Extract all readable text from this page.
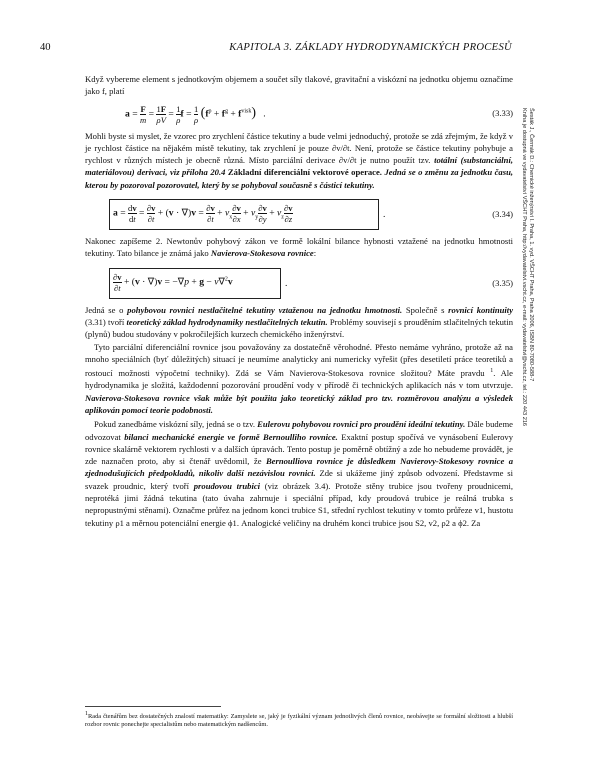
40	KAPITOLA 3. ZÁKLADY HYDRODYNAMICKÝCH PROCESŮ

Když vybereme element s jednotkovým objemem a součet síly tlakové, gravitační a viskózní na jednotku objemu označíme jako f, platí

$a = \frac{F}{m} = \frac{1}{\rho} \frac{F}{V} = \frac{1}{\rho}$ $f = \frac{1}{\rho} (f^p + f^g + f^{visk})$   .	(3.33)

Mohli byste si myslet, že vzorec pro zrychlení částice tekutiny a bude velmi jednoduchý, protože se zdá zřejmým, že když v je rychlost částice na nějakém místě tekutiny, tak zrychlení je pouze ∂v/∂t. Není, protože se částice tekutiny pohybuje a rychlost v různých místech je obecně různá. Místo parciální derivace ∂v/∂t je nutno použít tzv. totální (substanciální, materiálovou) derivaci, viz příloha 20.4 Základní diferenciální vektorové operace. Jedná se o změnu za jednotku času, kterou by pozoroval pozorovatel, který by se pohyboval současně s částicí tekutiny.

$a = \frac{dv}{dt} = \frac{\partial v}{\partial t} + (v \cdot \nabla)v = \frac{\partial v}{\partial t} + v_x \frac{\partial v}{\partial x} + v_y \frac{\partial v}{\partial y} + v_z \frac{\partial v}{\partial z}$	.	(3.34)

Nakonec zapíšeme 2. Newtonův pohybový zákon ve formě lokální bilance hybnosti vztažené na jednotku hmotnosti tekutiny. Tato bilance je známá jako Navierova-Stokesova rovnice:

$\frac{\partial v}{\partial t} + (v \cdot \nabla)v = -\nabla p + g - \nu\nabla^2v$	.	(3.35)

Jedná se o pohybovou rovnici nestlačitelné tekutiny vztaženou na jednotku hmotnosti. Společně s rovnicí kontinuity (3.31) tvoří teoretický základ hydrodynamiky nestlačitelných tekutin. Problémy souvisejí s prouděním stlačitelných tekutin (plynů) budou studovány v pokročilejších kurzech chemického inženýrství.

Tyto parciální diferenciální rovnice jsou považovány za dostatečně věrohodné. Přesto nemáme vyhráno, protože až na mnoho speciálních (byť důležitých) situací je neumíme analyticky ani numericky vyřešit (přes desetiletí práce teoretiků a rostoucí možnosti výpočetní techniky). Zdá se Vám Navierova-Stokesova rovnice složitou? Máte pravdu $^1$. Ale hydrodynamika je složitá, každodenní pozorování proudění vody v přírodě či technických aplikacích nás v tom utvrzuje. Navierova-Stokesova rovnice však může být použita jako teoretický základ pro tzv. rozměrovou analýzu a výsledek aplikován pomocí teorie podobnosti.

Pokud zanedbáme viskózní síly, jedná se o tzv. Eulerovu pohybovou rovnici pro proudění ideální tekutiny. Dále budeme odvozovat bilanci mechanické energie ve formě Bernoulliho rovnice. Exaktní postup spočívá ve vynásobení Eulerovy rovnice skalárně vektorem rychlosti v a dalších úpravách. Tento postup je poměrně obtížný a zde ho nebudeme provádět, je zde naznačen proto, aby si čtenář uvědomil, že Bernoulliova rovnice je důsledkem Navierovy-Stokesovy rovnice a zjednodušujících předpokladů, nikoliv další nezávislou rovnicí. Zde si ukážeme jiný způsob odvození. Představme si svazek proudnic, který tvoří proudovou trubici (viz obrázek 3.4). Protože stěny trubice jsou tvořeny proudnicemi, neprotéká jimi žádná tekutina (tato úvaha zahrnuje i speciální případ, kdy proudová trubice je reálná trubka s nepropustnými stěnami). Označme průřez na jednom konci trubice S1, střední rychlost tekutiny v tomto průřeze v1, hustotu tekutiny ρ1 a měrnou potenciální energie ϕ1. Analogické veličiny na druhém konci trubice jsou S2, v2, ρ2 a ϕ2. Za

$^1$Rada čtenářům bez dostatečných znalostí matematiky: Zamyslete se, jaký je fyzikální význam jednotlivých členů rovnice, neobávejte se formální složitosti a hlubší rozbor rovnic ponechejte specialistům nebo matematickým nadšencům.
Šesták J., Čermák D.: Chemické inženýrství I. Praha, 1. vyd. VŠCHT Praha, Praha 2006, ISBN 80-7080-588-7
Kniha je dostupná ve vydavatelství VŠCHT Praha, http://vydavatelstvi.vscht.cz, e-mail: vydavatelstvi@vscht.cz, tel.: 220 443 216
